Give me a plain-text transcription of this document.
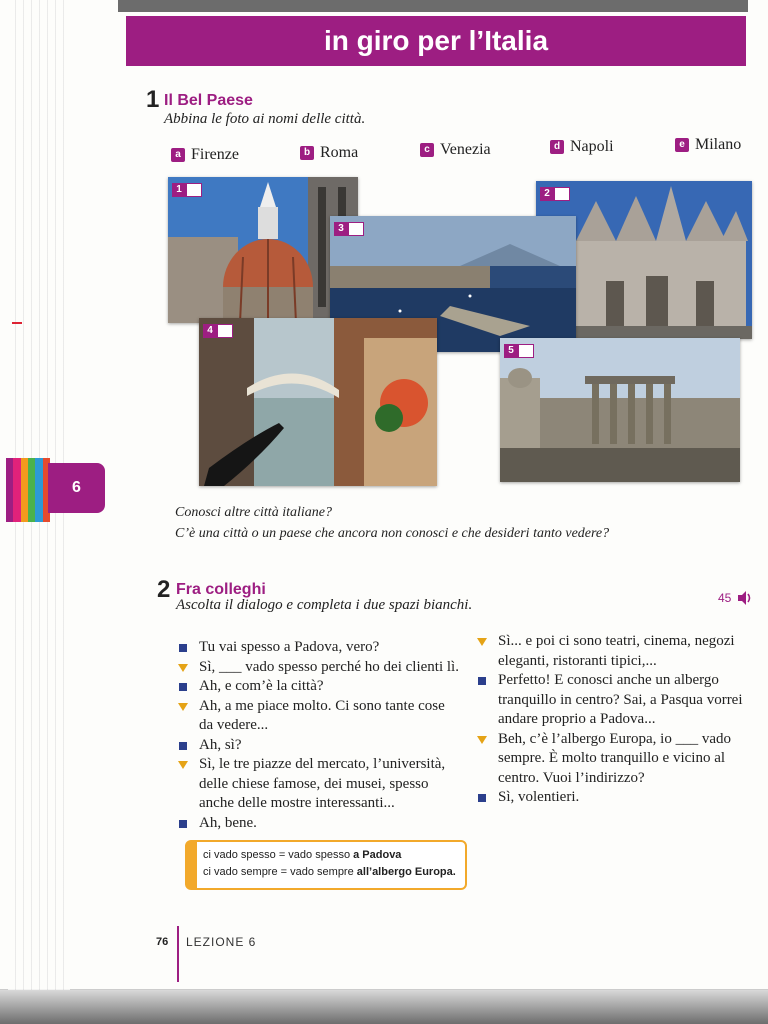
in giro per l’Italia
1 Il Bel Paese
Abbina le foto ai nomi delle città.
a Firenze	b Roma	c Venezia	d Napoli	e Milano
1	2
3
4
5
Conosci altre città italiane?
C’è una città o un paese che ancora non conosci e che desideri tanto vedere?
6
2 Fra colleghi
Ascolta il dialogo e completa i due spazi bianchi.	45
Tu vai spesso a Padova, vero?
Sì, ___ vado spesso perché ho dei clienti lì.
Ah, e com’è la città?
Ah, a me piace molto. Ci sono tante cose
da vedere...
Ah, sì?
Sì, le tre piazze del mercato, l’università,
delle chiese famose, dei musei, spesso
anche delle mostre interessanti...
Ah, bene.
Sì... e poi ci sono teatri, cinema, negozi
eleganti, ristoranti tipici,...
Perfetto! E conosci anche un albergo
tranquillo in centro? Sai, a Pasqua vorrei
andare proprio a Padova...
Beh, c’è l’albergo Europa, io ___ vado
sempre. È molto tranquillo e vicino al
centro. Vuoi l’indirizzo?
Sì, volentieri.
ci vado spesso = vado spesso a Padova
ci vado sempre = vado sempre all’albergo Europa.
76 LEZIONE 6
